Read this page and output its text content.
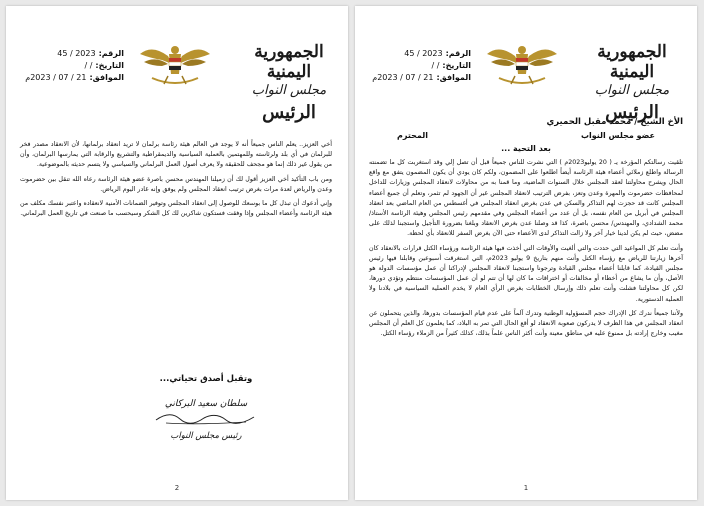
الجمهورية اليمنية
مجلس النواب
الرئيس
الرقم:
2023 / 45
التاريخ:
/ /
الموافق:
21 / 07 / 2023م
الأخ الشيخ / محمد مقبل الحميري
عضو مجلس النواب
المحترم
بعد التحية ...

تلقيت رسالتكم المؤرخة يـ ( 20 يوليو2023م ) التي نشرت للناس جميعاً قبل أن تصل إلي وقد استغربت كل ما تضمنته الرسالة واطلع زملائي أعضاء هيئة الرئاسة أيضاً اطلعوا على المضمون، ولكم كان يودي أن يكون المضمون يتفق مع واقع الحال ويشرح محاولتنا لعقد المجلس خلال السنوات الماضية، وما قمنا به من محاولات لانعقاد المجلس وزيارات للداخل لمحافظات حضرموت والمهرة وعدن وتعز، بفرض الترتيب لانعقاد المجلس غير أن الجهود لم تثمر، وتعلم أن جميع أعضاء المجلس كانت قد حجزت لهم التذاكر والسكن في عدن بغرض انعقاد المجلس في أغسطس من العام الماضي بعد انعقاد المجلس في أبريل من العام نفسه، بل أن عدد من أعضاء المجلس وفي مقدمهم رئيس المجلس وهيئة الرئاسة الأستاذ/ محمد الشدادي، والمهندس/ محسن باصرة، كذا قد وصلنا عدن بغرض الانعقاد وبلغنا بضرورة التأجيل واستجبنا لذلك على مضض، حيث لم يكن لدينا خيار آخر ولا زالت التذاكر لدى الأعضاء حتى الآن بغرض السفر للانعقاد بأي لحظة.

وأنت تعلم كل المواعيد التي حددت والتي ألغيت والأوقات التي أخذت فيها هيئة الرئاسة ورؤساء الكتل قرارات بالانعقاد كان آخرها زيارتنا للرياض مع رؤساء الكتل وأنت منهم بتاريخ 9 يوليو 2023م، التي استغرقت أسبوعين وقابلنا فيها رئيس مجلس القيادة، كما قابلنا أعضاء مجلس القيادة وترجونا واستجبنا لانعقاد المجلس لإدراكنا أن عمل مؤسسات الدولة هو الأصل، وأن ما يشاع من أخطاء أو مخالفات أو اختراقات ما كان لها أن تتم لو أن عمل المؤسسات منتظم وتؤدي دورها، لكن كل محاولتنا فشلت وأنت تعلم ذلك وإرسال الخطابات بغرض الرأي العام لا يخدم العملية السياسية في بلادنا ولا العملية الدستورية.

ولأننا جميعاً ندرك كل الإدراك حجم المسؤولية الوطنية وتدرك آلماً على عدم قيام المؤسسات بدورها، والذين يتحملون عن انعقاد المجلس في هذا الظرف لا يدركون صعوبة الانعقاد لو أقع الحال التي تمر به البلاد، كما يعلمون كل العلم أن المجلس مغيب وخارج إرادته بل ممنوع عليه في مناطق معينة وأنت أكثر الناس علماً بذلك، كذلك كثيراً من الزملاء رؤساء الكتل.

1
الجمهورية اليمنية
مجلس النواب
الرئيس
الرقم:
2023 / 45
التاريخ:
/ /
الموافق:
21 / 07 / 2023م

أخي العزيز.. يعلم الناس جميعاً أنه لا يوجد في العالم هيئة رئاسة برلمان لا تريد انعقاد برلمانها، لأن الانعقاد مصدر فخر للبرلمان في أي بلد ولرئاسته وللمهتمين بالعملية السياسية والديمقراطية والتشريع والرقابة التي يمارسها البرلمان، وأن من يقول غير ذلك إنما هو مجحف للحقيقة ولا يعرف أصول العمل البرلماني والسياسي ولا يتسم حديثه بالموضوعية.

ومن باب التأكيد أخي العزيز أقول لك أن زميلنا المهندس محسن باصرة عضو هيئة الرئاسة رعاه الله تنقل بين حضرموت وعدن والرياض لعدة مرات بغرض ترتيب انعقاد المجلس ولم يوفق وإنه غادر اليوم الرياض.

وإني أدعوك أن تبذل كل ما بوسعك للوصول إلى انعقاد المجلس وتوفير الضمانات الأمنية لانعقاده واعتبر نفسك مكلف من هيئة الرئاسة وأعضاء المجلس وإذا وفقت فستكون شاكرين لك كل الشكر وسيحسب ما صنعت في تاريخ العمل البرلماني.

وتقبل أصدق تحياتي...
سلطان سعيد البركاني
رئيس مجلس النواب
2
